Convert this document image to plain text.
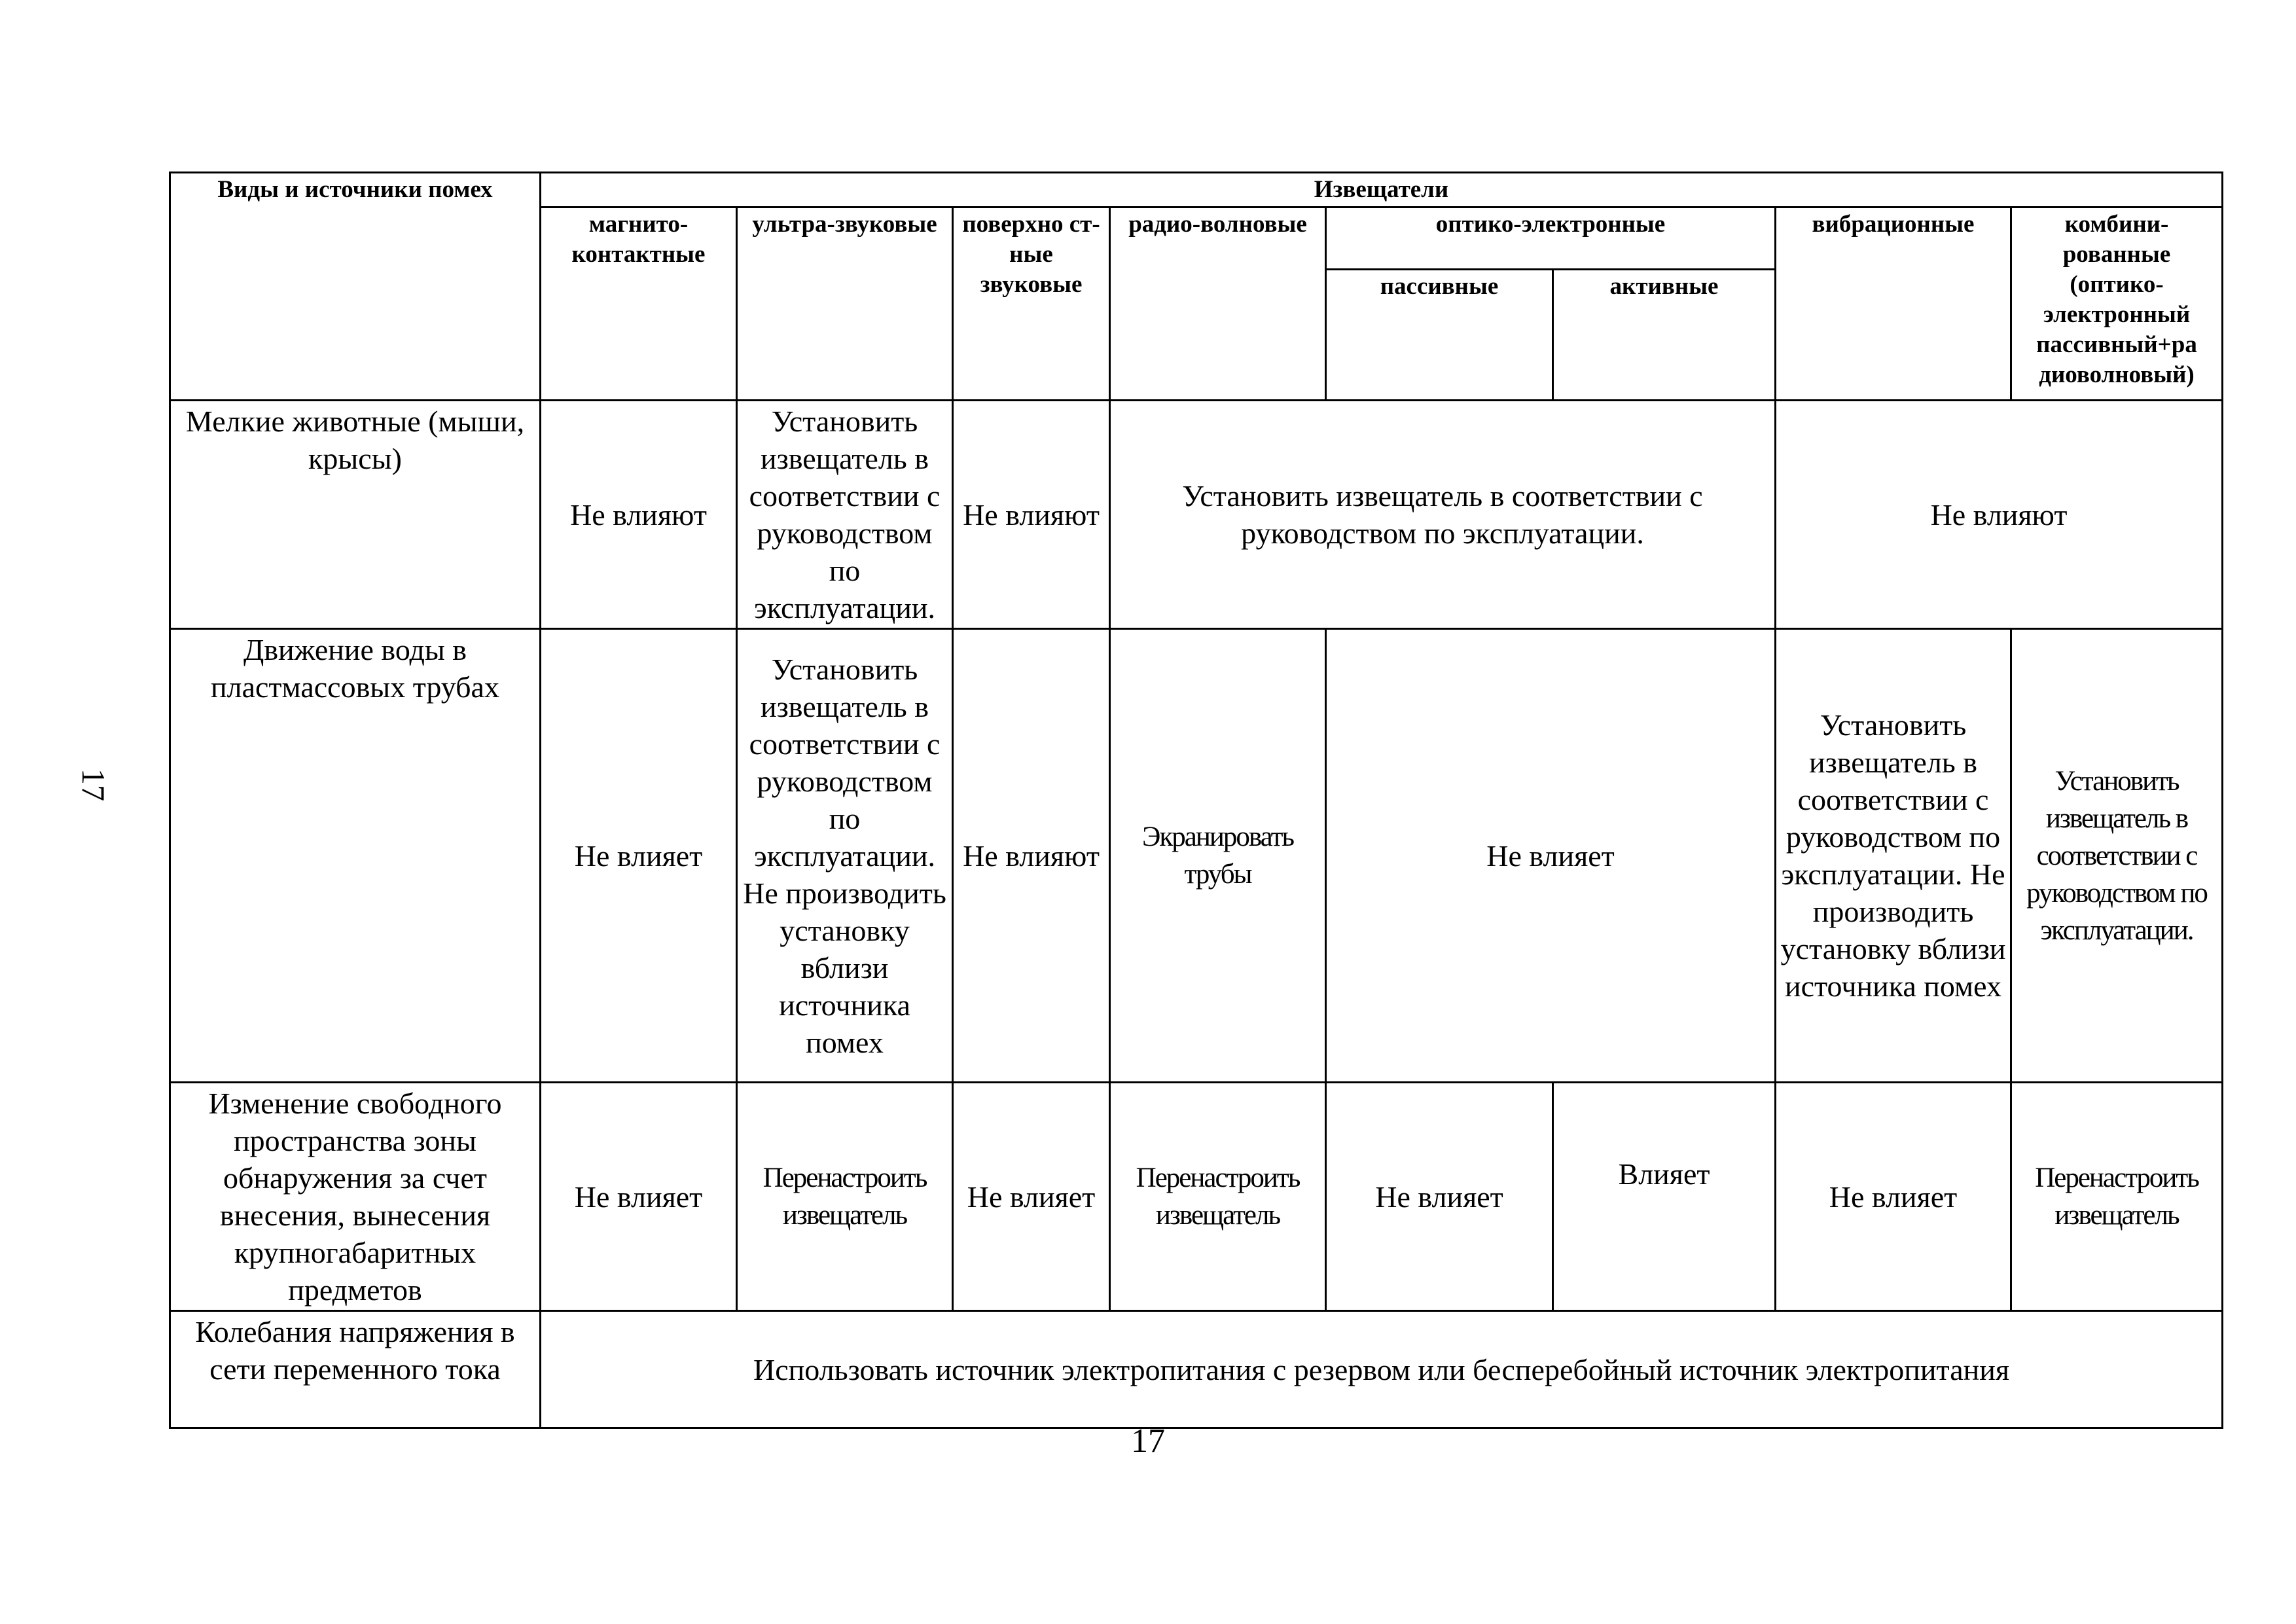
17
Виды и источники помех	Извещатели							
	магнито-контактные	ультра-звуковые	поверхно ст-ные звуковые	радио-волновые	оптико-электронные		вибрационные	комбини-рованные (оптико-электронный пассивный+ра диоволновый)
					пассивные	активные		
Мелкие животные (мыши, крысы)	Не влияют	Установить извещатель в соответствии с руководством по эксплуатации.	Не влияют	Установить извещатель в соответствии с руководством по эксплуатации.			Не влияют	
Движение воды в пластмассовых трубах	Не влияет	Установить извещатель в соответствии с руководством по эксплуатации. Не производить установку вблизи источника помех	Не влияют	Экранировать трубы	Не влияет		Установить извещатель в соответствии с руководством по эксплуатации. Не производить установку вблизи источника помех	Установить извещатель в соответствии с руководством по эксплуатации.
Изменение свободного пространства зоны обнаружения за счет внесения, вынесения крупногабаритных предметов	Не влияет	Перенастроить извещатель	Не влияет	Перенастроить извещатель	Не влияет	Влияет	Не влияет	Перенастроить извещатель
Колебания напряжения в сети переменного тока	Использовать источник электропитания с резервом или бесперебойный источник электропитания							
17
